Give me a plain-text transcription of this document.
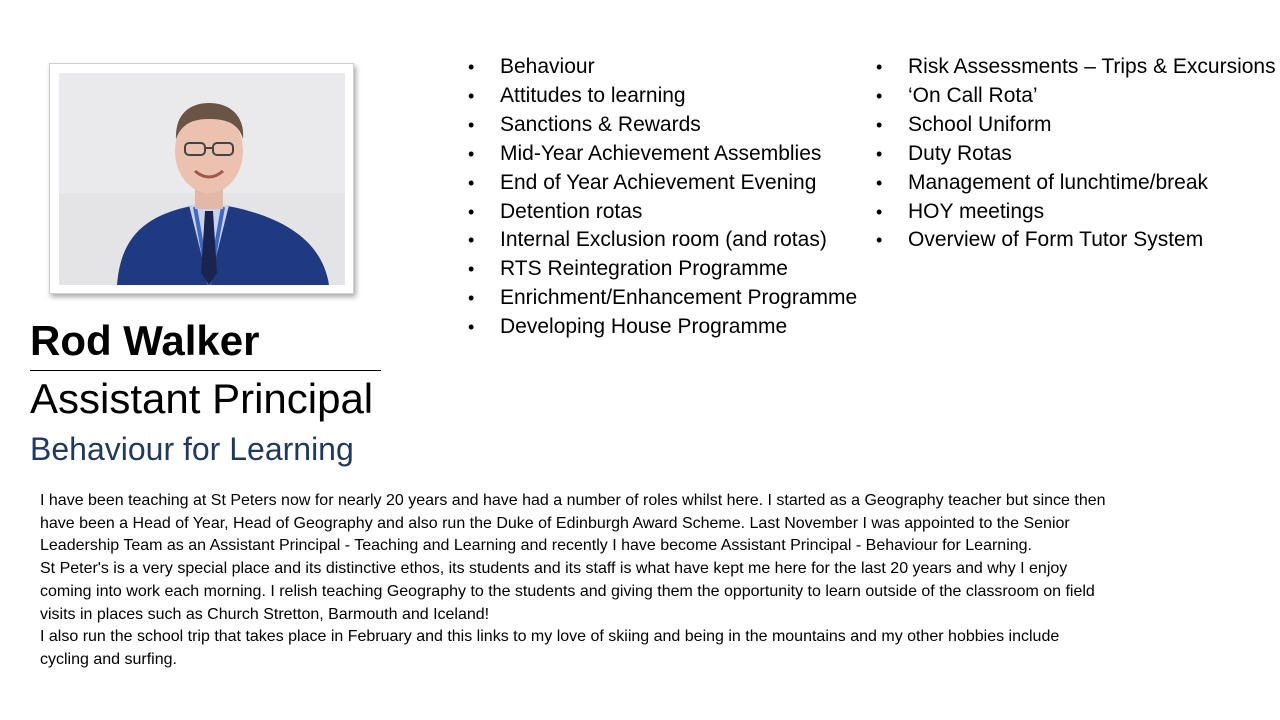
Rod Walker
Assistant Principal
Behaviour for Learning
• Behaviour
• Attitudes to learning
• Sanctions & Rewards
• Mid-Year Achievement Assemblies
• End of Year Achievement Evening
• Detention rotas
• Internal Exclusion room (and rotas)
• RTS Reintegration Programme
• Enrichment/Enhancement Programme
• Developing House Programme
• Risk Assessments – Trips & Excursions
• ‘On Call Rota’
• School Uniform
• Duty Rotas
• Management of lunchtime/break
• HOY meetings
• Overview of Form Tutor System

I have been teaching at St Peters now for nearly 20 years and have had a number of roles whilst here. I started as a Geography teacher but since then have been a Head of Year, Head of Geography and also run the Duke of Edinburgh Award Scheme. Last November I was appointed to the Senior Leadership Team as an Assistant Principal - Teaching and Learning and recently I have become Assistant Principal - Behaviour for Learning.

St Peter's is a very special place and its distinctive ethos, its students and its staff is what have kept me here for the last 20 years and why I enjoy coming into work each morning. I relish teaching Geography to the students and giving them the opportunity to learn outside of the classroom on field visits in places such as Church Stretton, Barmouth and Iceland!

I also run the school trip that takes place in February and this links to my love of skiing and being in the mountains and my other hobbies include cycling and surfing.
